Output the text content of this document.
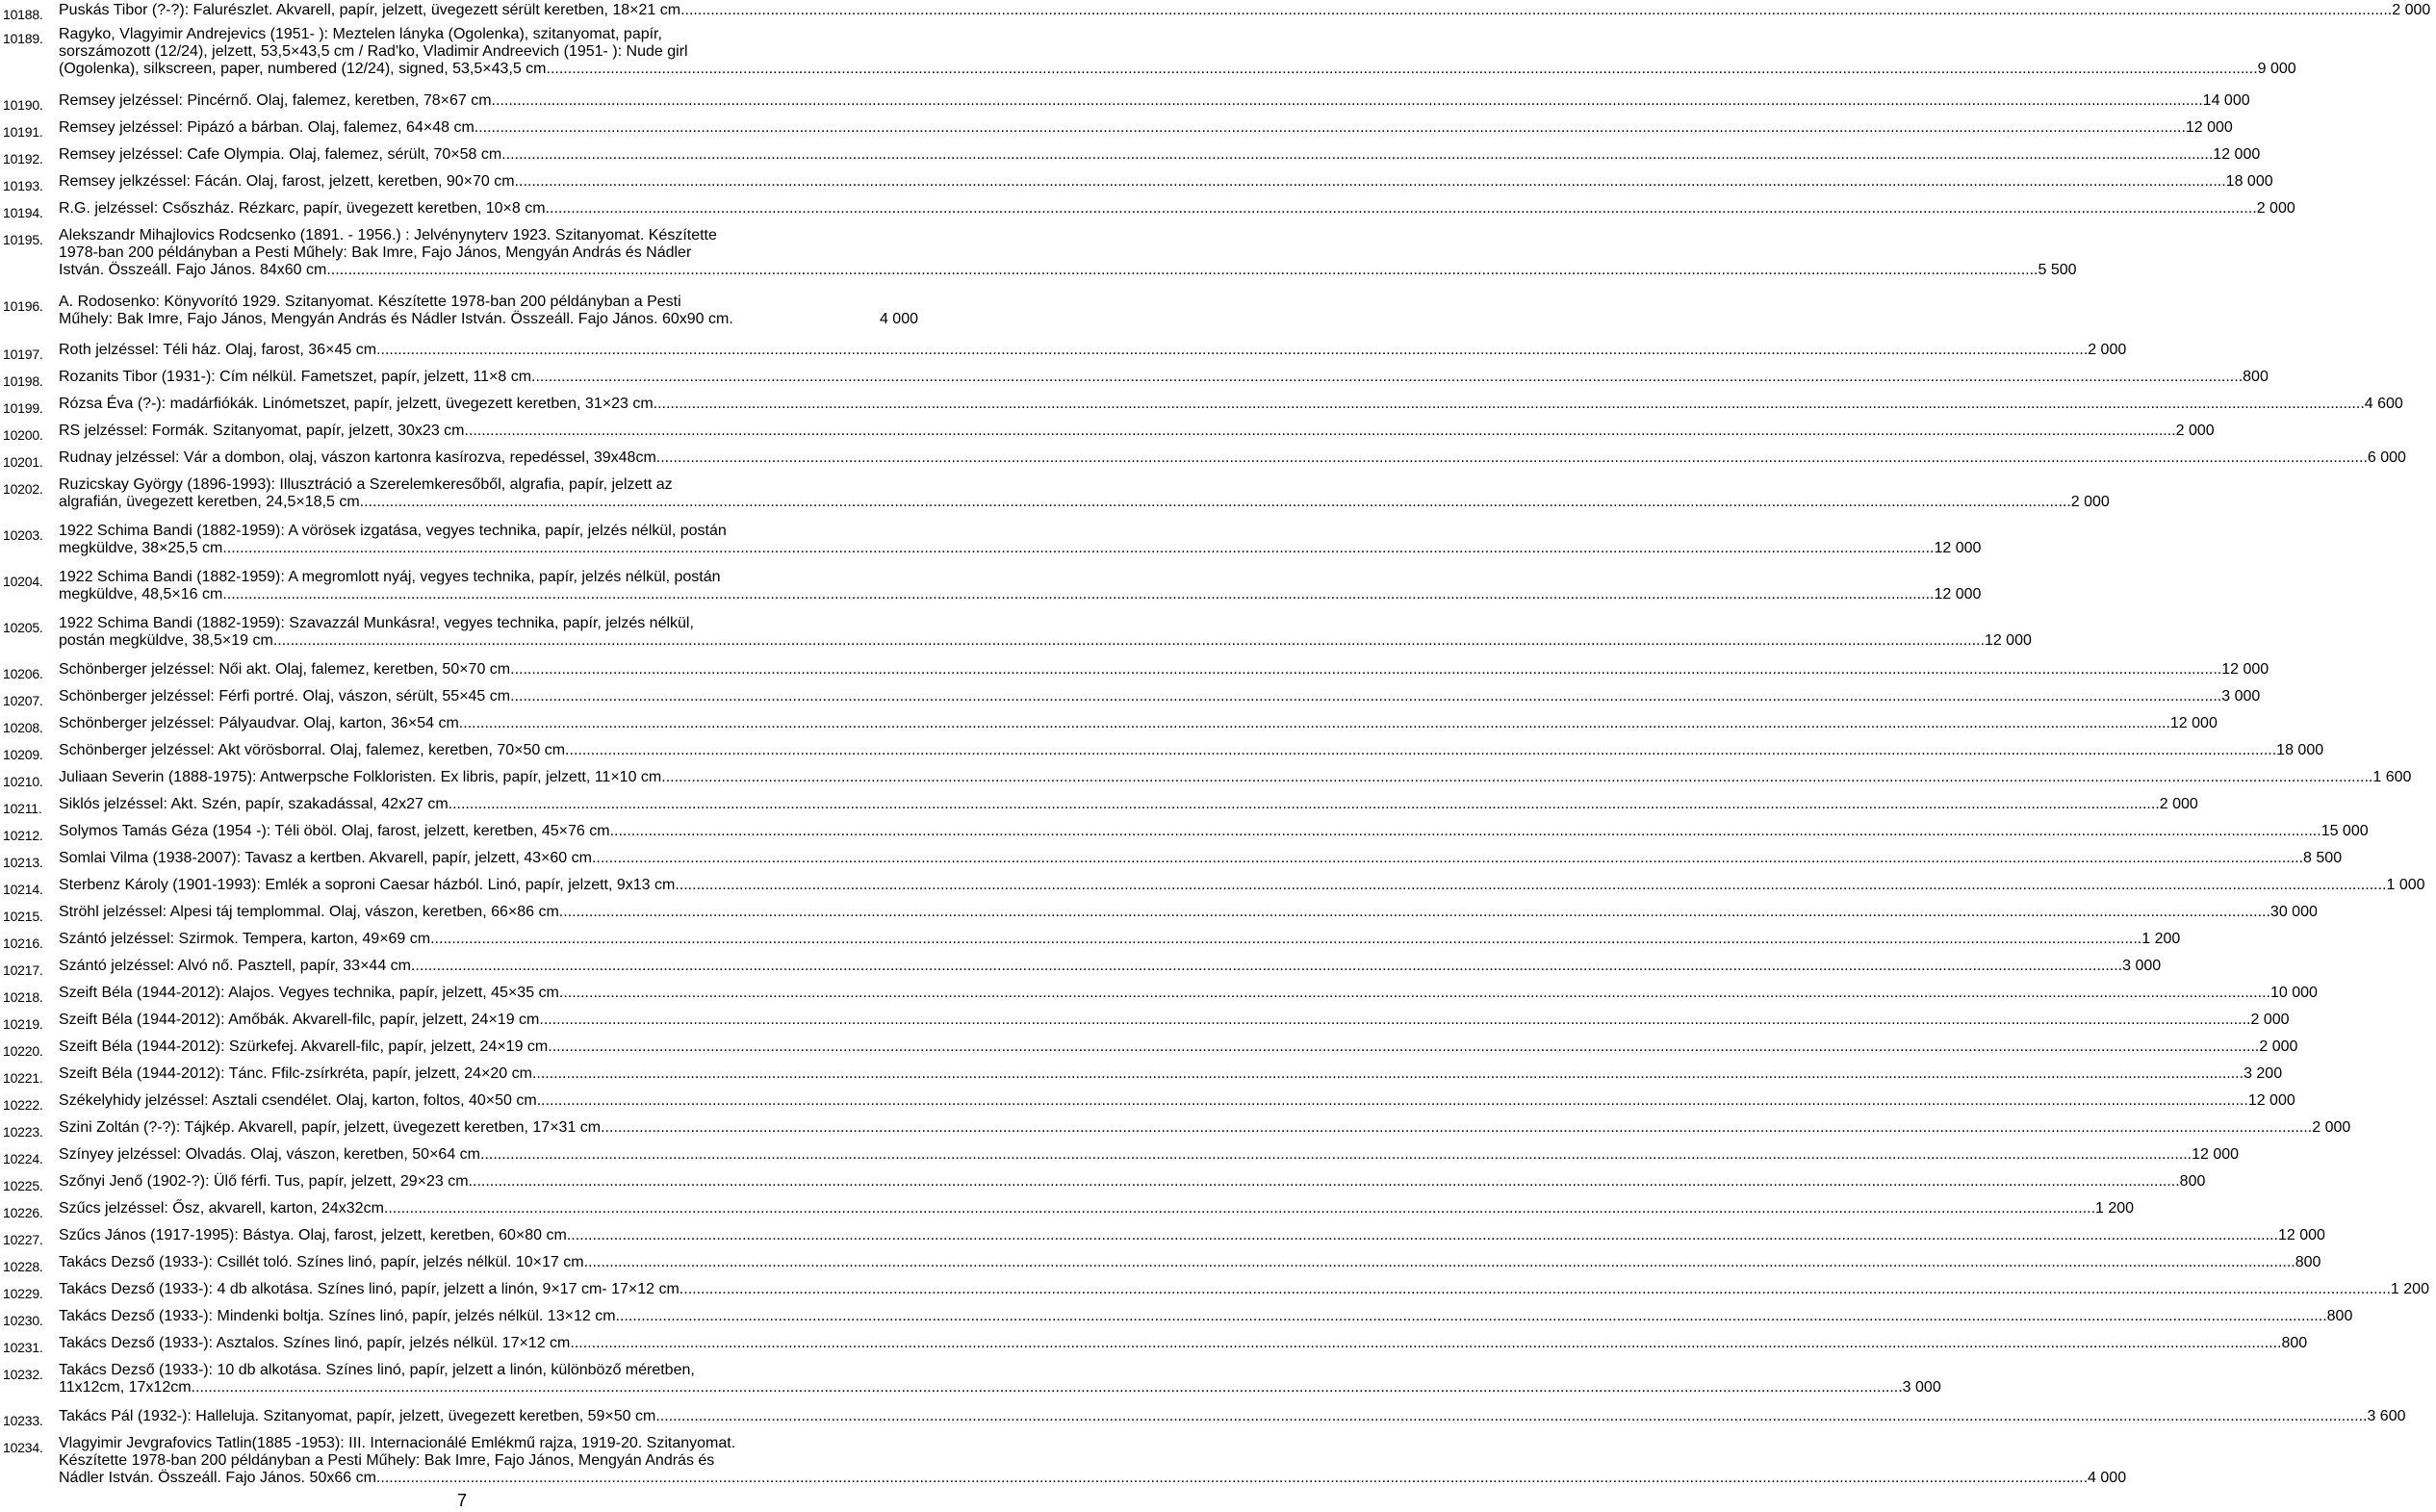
10188.	Puskás Tibor (?-?): Falurészlet. Akvarell, papír, jelzett, üvegezett sérült keretben, 18×21 cm ................................................................................................................................................................................................................................................................................................................................................................................................................ 2 000
10189.	Ragyko, Vlagyimir Andrejevics (1951- ): Meztelen lányka (Ogolenka), szitanyomat, papír,
sorszámozott (12/24), jelzett, 53,5×43,5 cm / Rad'ko, Vladimir Andreevich (1951- ): Nude girl
(Ogolenka), silkscreen, paper, numbered (12/24), signed, 53,5×43,5 cm ................................................................................................................................................................................................................................................................................................................................................................................................................ 9 000
10190.	Remsey jelzéssel: Pincérnő. Olaj, falemez, keretben, 78×67 cm ................................................................................................................................................................................................................................................................................................................................................................................................................ 14 000
10191.	Remsey jelzéssel: Pipázó a bárban. Olaj, falemez, 64×48 cm ................................................................................................................................................................................................................................................................................................................................................................................................................ 12 000
10192.	Remsey jelzéssel: Cafe Olympia. Olaj, falemez, sérült, 70×58 cm ................................................................................................................................................................................................................................................................................................................................................................................................................ 12 000
10193.	Remsey jelkzéssel: Fácán. Olaj, farost, jelzett, keretben, 90×70 cm ................................................................................................................................................................................................................................................................................................................................................................................................................ 18 000
10194.	R.G. jelzéssel: Csőszház. Rézkarc, papír, üvegezett keretben, 10×8 cm ................................................................................................................................................................................................................................................................................................................................................................................................................ 2 000
10195.	Alekszandr Mihajlovics Rodcsenko (1891. - 1956.) : Jelvénynyterv 1923. Szitanyomat. Készítette
1978-ban 200 példányban a Pesti Műhely: Bak Imre, Fajo János, Mengyán András és Nádler
István. Összeáll. Fajo János. 84x60 cm ................................................................................................................................................................................................................................................................................................................................................................................................................ 5 500
10196.	A. Rodosenko: Könyvorító 1929. Szitanyomat. Készítette 1978-ban 200 példányban a Pesti
Műhely: Bak Imre, Fajo János, Mengyán András és Nádler István. Összeáll. Fajo János. 60x90 cm .	4 000
10197.	Roth jelzéssel: Téli ház. Olaj, farost, 36×45 cm ................................................................................................................................................................................................................................................................................................................................................................................................................ 2 000
10198.	Rozanits Tibor (1931-): Cím nélkül. Fametszet, papír, jelzett, 11×8 cm ................................................................................................................................................................................................................................................................................................................................................................................................................ 800
10199.	Rózsa Éva (?-): madárfiókák. Linómetszet, papír, jelzett, üvegezett keretben, 31×23 cm ................................................................................................................................................................................................................................................................................................................................................................................................................ 4 600
10200.	RS jelzéssel: Formák. Szitanyomat, papír, jelzett, 30x23 cm ................................................................................................................................................................................................................................................................................................................................................................................................................ 2 000
10201.	Rudnay jelzéssel: Vár a dombon, olaj, vászon kartonra kasírozva, repedéssel, 39x48cm ................................................................................................................................................................................................................................................................................................................................................................................................................ 6 000
10202.	Ruzicskay György (1896-1993): Illusztráció a Szerelemkeresőből, algrafia, papír, jelzett az
algrafián, üvegezett keretben, 24,5×18,5 cm ................................................................................................................................................................................................................................................................................................................................................................................................................ 2 000
10203.	1922 Schima Bandi (1882-1959): A vörösek izgatása, vegyes technika, papír, jelzés nélkül, postán
megküldve, 38×25,5 cm ................................................................................................................................................................................................................................................................................................................................................................................................................ 12 000
10204.	1922 Schima Bandi (1882-1959): A megromlott nyáj, vegyes technika, papír, jelzés nélkül, postán
megküldve, 48,5×16 cm ................................................................................................................................................................................................................................................................................................................................................................................................................ 12 000
10205.	1922 Schima Bandi (1882-1959): Szavazzál Munkásra!, vegyes technika, papír, jelzés nélkül,
postán megküldve, 38,5×19 cm ................................................................................................................................................................................................................................................................................................................................................................................................................ 12 000
10206.	Schönberger jelzéssel: Női akt. Olaj, falemez, keretben, 50×70 cm ................................................................................................................................................................................................................................................................................................................................................................................................................ 12 000
10207.	Schönberger jelzéssel: Férfi portré. Olaj, vászon, sérült, 55×45 cm ................................................................................................................................................................................................................................................................................................................................................................................................................ 3 000
10208.	Schönberger jelzéssel: Pályaudvar. Olaj, karton, 36×54 cm ................................................................................................................................................................................................................................................................................................................................................................................................................ 12 000
10209.	Schönberger jelzéssel: Akt vörösborral. Olaj, falemez, keretben, 70×50 cm ................................................................................................................................................................................................................................................................................................................................................................................................................ 18 000
10210.	Juliaan Severin (1888-1975): Antwerpsche Folkloristen. Ex libris, papír, jelzett, 11×10 cm ................................................................................................................................................................................................................................................................................................................................................................................................................ 1 600
10211.	Siklós jelzéssel: Akt. Szén, papír, szakadással, 42x27 cm ................................................................................................................................................................................................................................................................................................................................................................................................................ 2 000
10212.	Solymos Tamás Géza (1954 -): Téli öböl. Olaj, farost, jelzett, keretben, 45×76 cm ................................................................................................................................................................................................................................................................................................................................................................................................................ 15 000
10213.	Somlai Vilma (1938-2007): Tavasz a kertben. Akvarell, papír, jelzett, 43×60 cm ................................................................................................................................................................................................................................................................................................................................................................................................................ 8 500
10214.	Sterbenz Károly (1901-1993): Emlék a soproni Caesar házból. Linó, papír, jelzett, 9x13 cm ................................................................................................................................................................................................................................................................................................................................................................................................................ 1 000
10215.	Ströhl jelzéssel: Alpesi táj templommal. Olaj, vászon, keretben, 66×86 cm ................................................................................................................................................................................................................................................................................................................................................................................................................ 30 000
10216.	Szántó jelzéssel: Szirmok. Tempera, karton, 49×69 cm ................................................................................................................................................................................................................................................................................................................................................................................................................ 1 200
10217.	Szántó jelzéssel: Alvó nő. Pasztell, papír, 33×44 cm ................................................................................................................................................................................................................................................................................................................................................................................................................ 3 000
10218.	Szeift Béla (1944-2012): Alajos. Vegyes technika, papír, jelzett, 45×35 cm ................................................................................................................................................................................................................................................................................................................................................................................................................ 10 000
10219.	Szeift Béla (1944-2012): Amőbák. Akvarell-filc, papír, jelzett, 24×19 cm ................................................................................................................................................................................................................................................................................................................................................................................................................ 2 000
10220.	Szeift Béla (1944-2012): Szürkefej. Akvarell-filc, papír, jelzett, 24×19 cm ................................................................................................................................................................................................................................................................................................................................................................................................................ 2 000
10221.	Szeift Béla (1944-2012): Tánc. Ffilc-zsírkréta, papír, jelzett, 24×20 cm ................................................................................................................................................................................................................................................................................................................................................................................................................ 3 200
10222.	Székelyhidy jelzéssel: Asztali csendélet. Olaj, karton, foltos, 40×50 cm ................................................................................................................................................................................................................................................................................................................................................................................................................ 12 000
10223.	Szini Zoltán (?-?): Tájkép. Akvarell, papír, jelzett, üvegezett keretben, 17×31 cm ................................................................................................................................................................................................................................................................................................................................................................................................................ 2 000
10224.	Színyey jelzéssel: Olvadás. Olaj, vászon, keretben, 50×64 cm ................................................................................................................................................................................................................................................................................................................................................................................................................ 12 000
10225.	Szőnyi Jenő (1902-?): Ülő férfi. Tus, papír, jelzett, 29×23 cm ................................................................................................................................................................................................................................................................................................................................................................................................................ 800
10226.	Szűcs jelzéssel: Ősz, akvarell, karton, 24x32cm ................................................................................................................................................................................................................................................................................................................................................................................................................ 1 200
10227.	Szűcs János (1917-1995): Bástya. Olaj, farost, jelzett, keretben, 60×80 cm ................................................................................................................................................................................................................................................................................................................................................................................................................ 12 000
10228.	Takács Dezső (1933-): Csillét toló. Színes linó, papír, jelzés nélkül. 10×17 cm ................................................................................................................................................................................................................................................................................................................................................................................................................ 800
10229.	Takács Dezső (1933-): 4 db alkotása. Színes linó, papír, jelzett a linón, 9×17 cm- 17×12 cm ................................................................................................................................................................................................................................................................................................................................................................................................................ 1 200
10230.	Takács Dezső (1933-): Mindenki boltja. Színes linó, papír, jelzés nélkül. 13×12 cm ................................................................................................................................................................................................................................................................................................................................................................................................................ 800
10231.	Takács Dezső (1933-): Asztalos. Színes linó, papír, jelzés nélkül. 17×12 cm ................................................................................................................................................................................................................................................................................................................................................................................................................ 800
10232.	Takács Dezső (1933-): 10 db alkotása. Színes linó, papír, jelzett a linón, különböző méretben,
11x12cm, 17x12cm ................................................................................................................................................................................................................................................................................................................................................................................................................ 3 000
10233.	Takács Pál (1932-): Halleluja. Szitanyomat, papír, jelzett, üvegezett keretben, 59×50 cm ................................................................................................................................................................................................................................................................................................................................................................................................................ 3 600
10234.	Vlagyimir Jevgrafovics Tatlin(1885 -1953): III. Internacionálé Emlékmű rajza, 1919-20. Szitanyomat.
Készítette 1978-ban 200 példányban a Pesti Műhely: Bak Imre, Fajo János, Mengyán András és
Nádler István. Összeáll. Fajo János. 50x66 cm ................................................................................................................................................................................................................................................................................................................................................................................................................ 4 000
7
